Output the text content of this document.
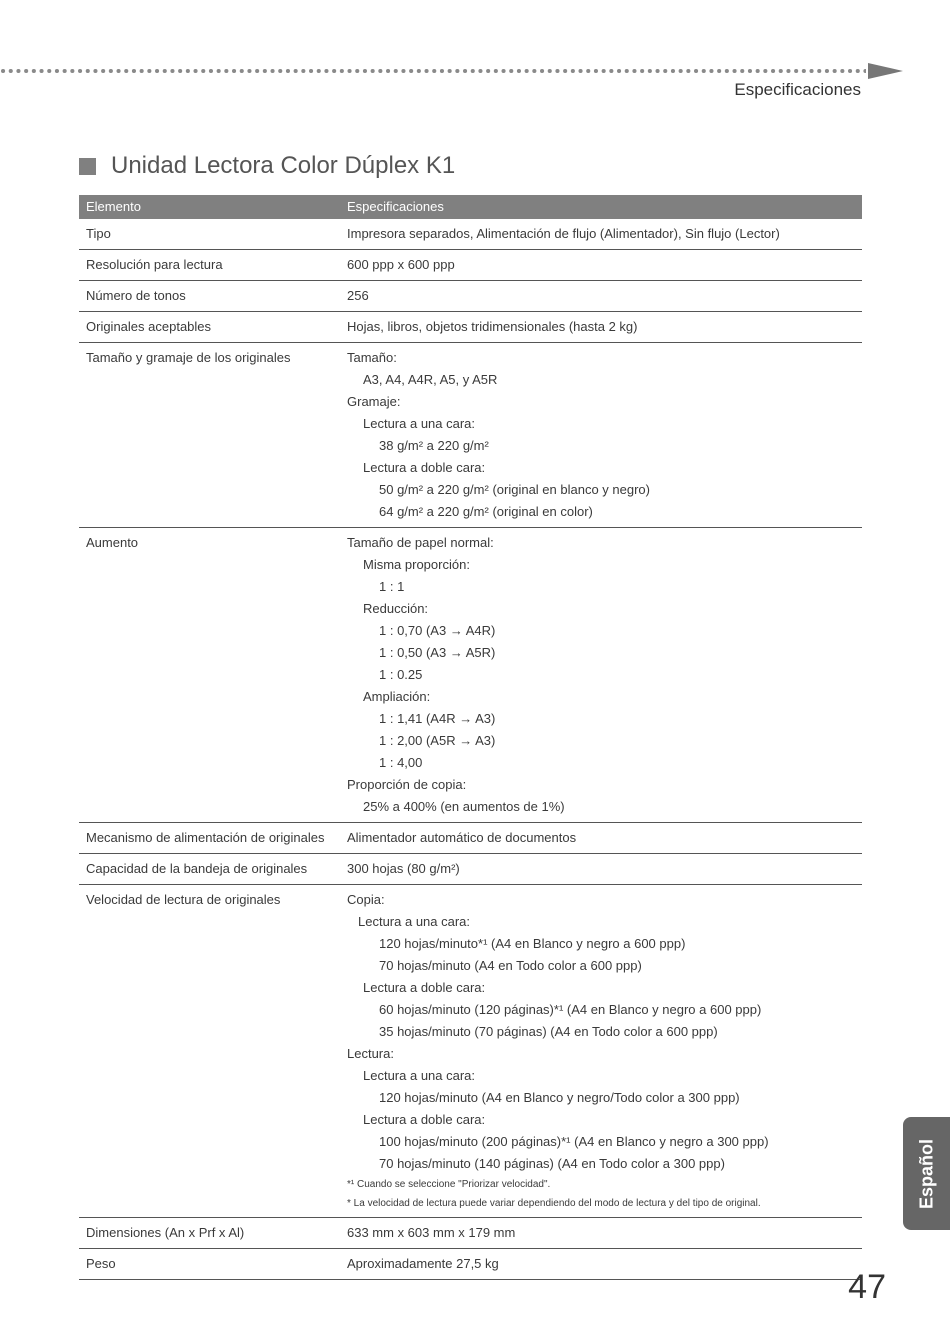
Especificaciones
Unidad Lectora Color Dúplex K1
Elemento	Especificaciones
Tipo	Impresora separados, Alimentación de flujo (Alimentador), Sin flujo (Lector)
Resolución para lectura	600 ppp x 600 ppp
Número de tonos	256
Originales aceptables	Hojas, libros, objetos tridimensionales (hasta 2 kg)
Tamaño y gramaje de los originales	Tamaño:
A3, A4, A4R, A5, y A5R
Gramaje:
Lectura a una cara:
38 g/m² a 220 g/m²
Lectura a doble cara:
50 g/m² a 220 g/m² (original en blanco y negro)
64 g/m² a 220 g/m² (original en color)
Aumento	Tamaño de papel normal:
Misma proporción:
1 : 1
Reducción:
1 : 0,70 (A3 → A4R)
1 : 0,50 (A3 → A5R)
1 : 0.25
Ampliación:
1 : 1,41 (A4R → A3)
1 : 2,00 (A5R → A3)
1 : 4,00
Proporción de copia:
25% a 400% (en aumentos de 1%)
Mecanismo de alimentación de originales	Alimentador automático de documentos
Capacidad de la bandeja de originales	300 hojas (80 g/m²)
Velocidad de lectura de originales	Copia:
Lectura a una cara:
120 hojas/minuto*¹ (A4 en Blanco y negro a 600 ppp)
70 hojas/minuto (A4 en Todo color a 600 ppp)
Lectura a doble cara:
60 hojas/minuto (120 páginas)*¹ (A4 en Blanco y negro a 600 ppp)
35 hojas/minuto (70 páginas) (A4 en Todo color a 600 ppp)
Lectura:
Lectura a una cara:
120 hojas/minuto (A4 en Blanco y negro/Todo color a 300 ppp)
Lectura a doble cara:
100 hojas/minuto (200 páginas)*¹ (A4 en Blanco y negro a 300 ppp)
70 hojas/minuto (140 páginas) (A4 en Todo color a 300 ppp)
*¹ Cuando se seleccione "Priorizar velocidad".
* La velocidad de lectura puede variar dependiendo del modo de lectura y del tipo de original.
Dimensiones (An x Prf x Al)	633 mm x 603 mm x 179 mm
Peso	Aproximadamente 27,5 kg
Español
47
